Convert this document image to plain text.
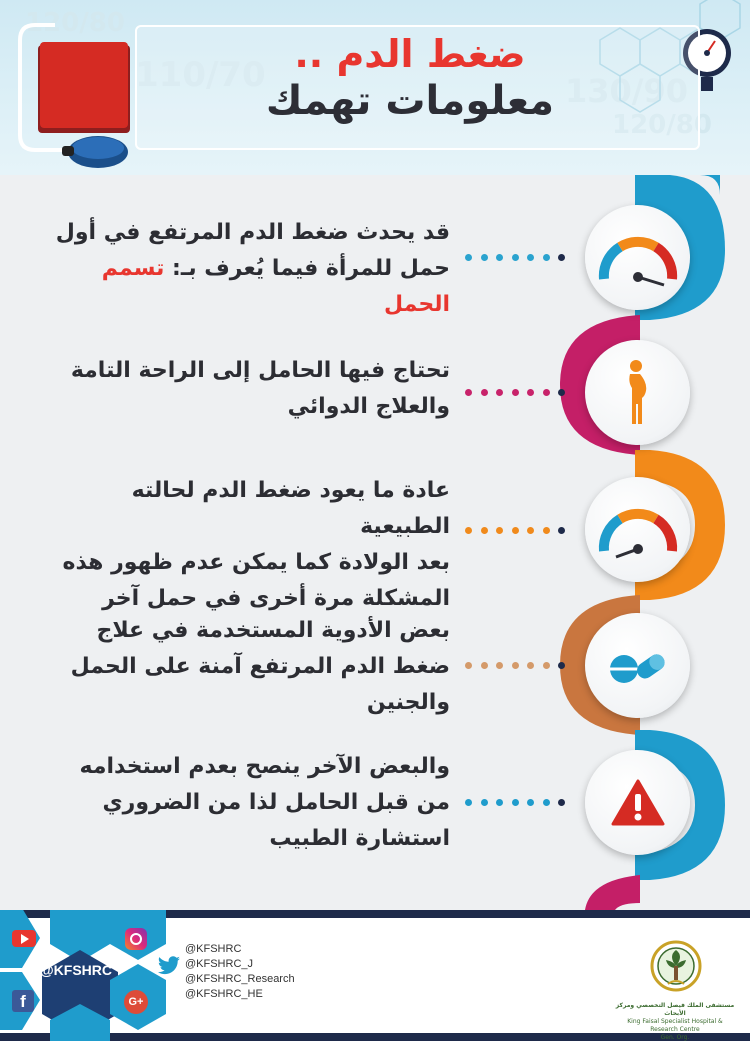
120/80
110/70	130/90
120/80
ضغط الدم ..
معلومات تهمك
قد يحدث ضغط الدم المرتفع في أول
حمل للمرأة فيما يُعرف بـ: تسمم الحمل
تحتاج فيها الحامل إلى الراحة التامة
والعلاج الدوائي
عادة ما يعود ضغط الدم لحالته الطبيعية
بعد الولادة كما يمكن عدم ظهور هذه
المشكلة مرة أخرى في حمل آخر
بعض الأدوية المستخدمة في علاج
ضغط الدم المرتفع آمنة على الحمل
والجنين
والبعض الآخر ينصح بعدم استخدامه
من قبل الحامل لذا من الضروري
استشارة الطبيب
f	G+
@KFSHRC
@KFSHRC
@KFSHRC_J
@KFSHRC_Research
@KFSHRC_HE
مستشفى الملك فيصل التخصصي ومركز الأبحاث
King Faisal Specialist Hospital & Research Centre
Gen. Org.
